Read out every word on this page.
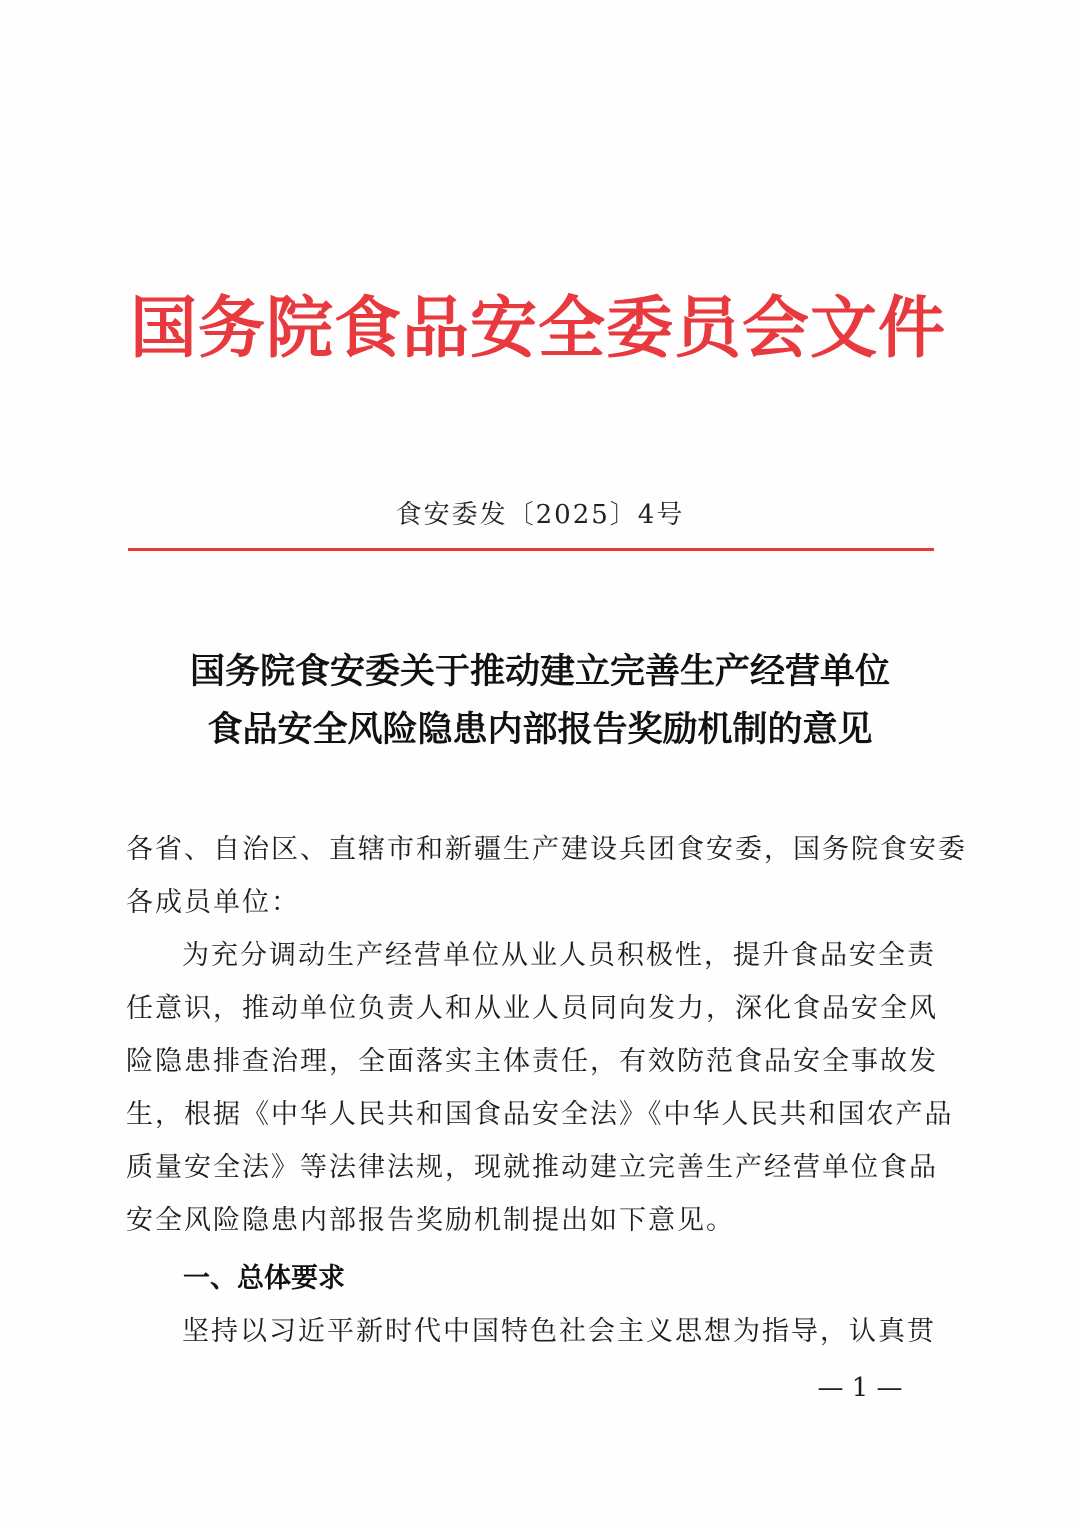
国务院食品安全委员会文件
食安委发〔2025〕4号
国务院食安委关于推动建立完善生产经营单位
食品安全风险隐患内部报告奖励机制的意见
各省、自治区、直辖市和新疆生产建设兵团食安委，国务院食安委
各成员单位：
为充分调动生产经营单位从业人员积极性，提升食品安全责
任意识，推动单位负责人和从业人员同向发力，深化食品安全风
险隐患排查治理，全面落实主体责任，有效防范食品安全事故发
生，根据《中华人民共和国食品安全法》《中华人民共和国农产品
质量安全法》等法律法规，现就推动建立完善生产经营单位食品
安全风险隐患内部报告奖励机制提出如下意见。
一、总体要求
坚持以习近平新时代中国特色社会主义思想为指导，认真贯
— 1 —
